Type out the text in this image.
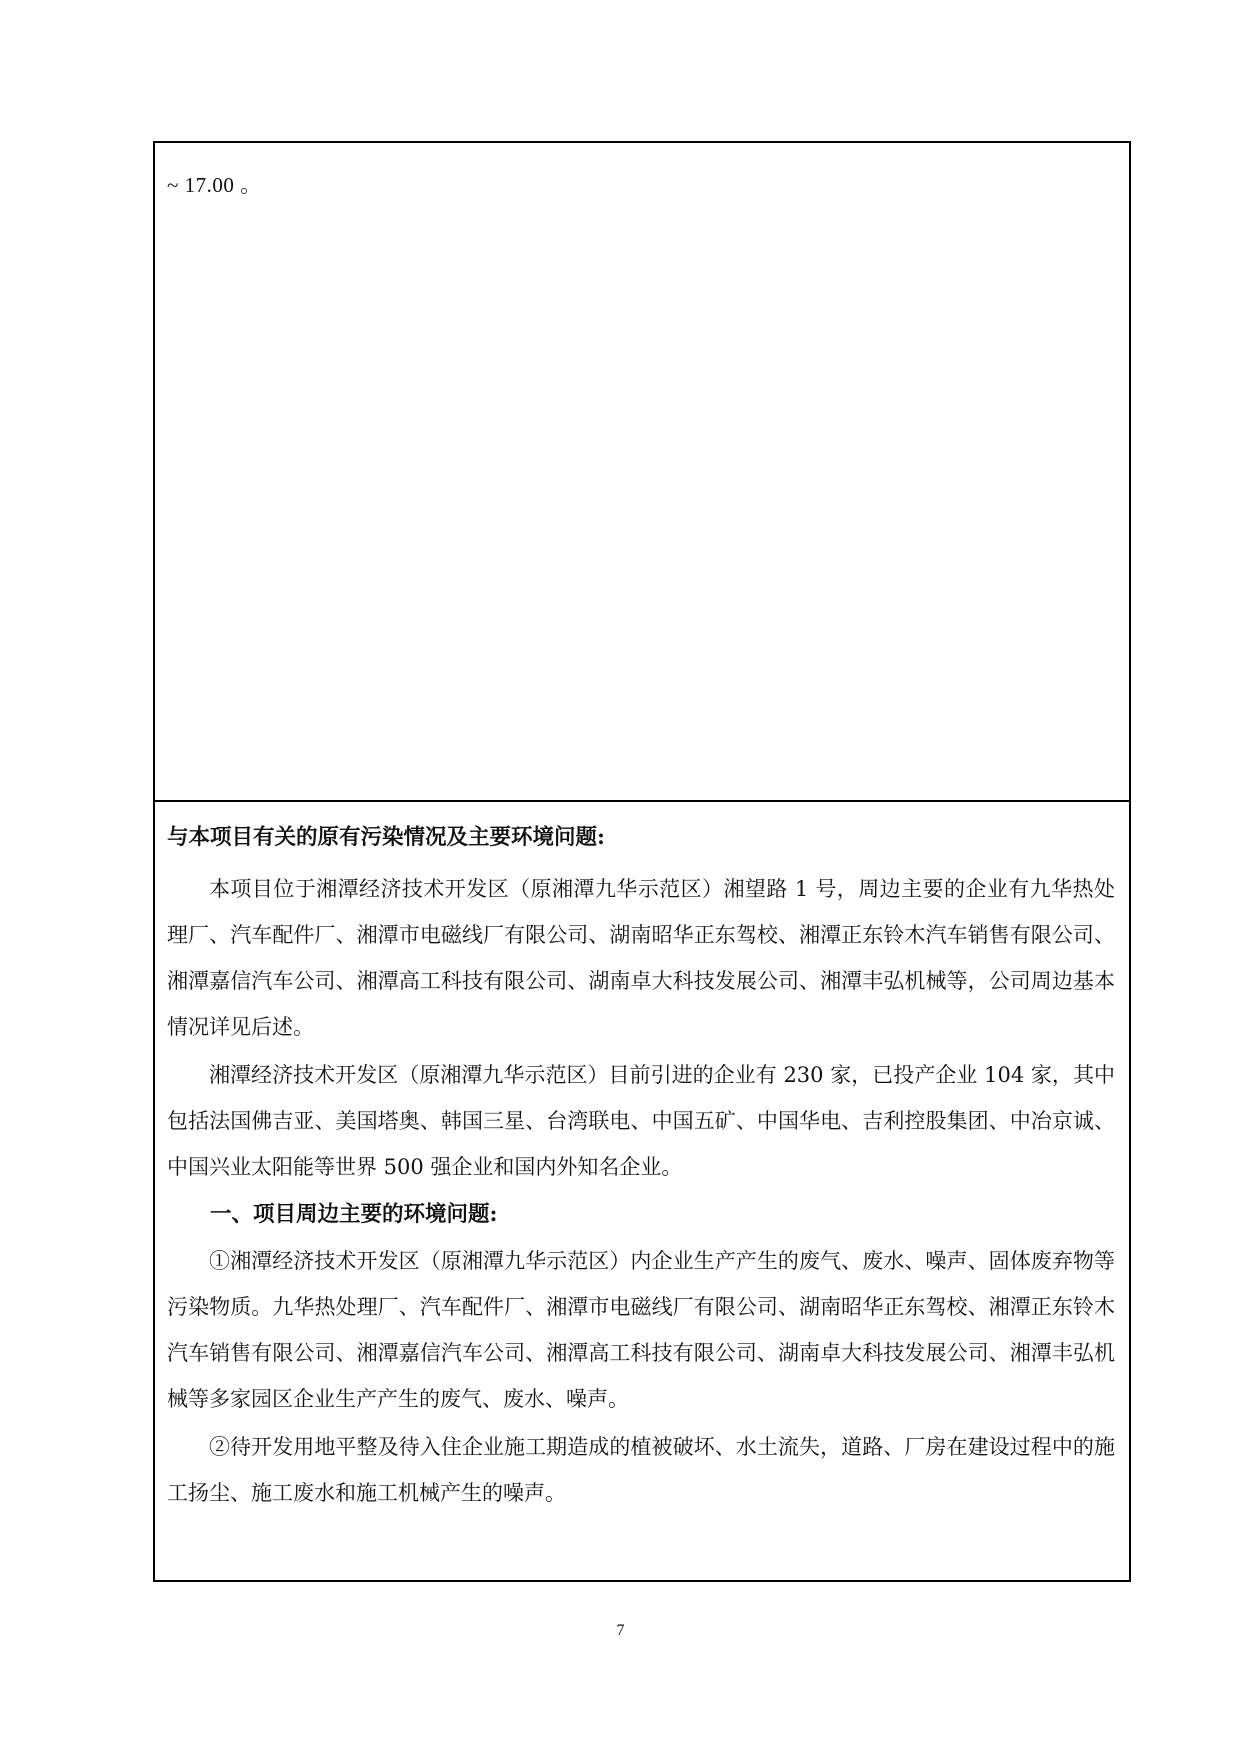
~ 17.00 。
与本项目有关的原有污染情况及主要环境问题:

本项目位于湘潭经济技术开发区（原湘潭九华示范区）湘望路 1 号，周边主要的企业有九华热处理厂、汽车配件厂、湘潭市电磁线厂有限公司、湖南昭华正东驾校、湘潭正东铃木汽车销售有限公司、湘潭嘉信汽车公司、湘潭高工科技有限公司、湖南卓大科技发展公司、湘潭丰弘机械等，公司周边基本情况详见后述。

湘潭经济技术开发区（原湘潭九华示范区）目前引进的企业有 230 家，已投产企业 104 家，其中包括法国佛吉亚、美国塔奥、韩国三星、台湾联电、中国五矿、中国华电、吉利控股集团、中冶京诚、中国兴业太阳能等世界 500 强企业和国内外知名企业。

一、项目周边主要的环境问题:

①湘潭经济技术开发区（原湘潭九华示范区）内企业生产产生的废气、废水、噪声、固体废弃物等污染物质。九华热处理厂、汽车配件厂、湘潭市电磁线厂有限公司、湖南昭华正东驾校、湘潭正东铃木汽车销售有限公司、湘潭嘉信汽车公司、湘潭高工科技有限公司、湖南卓大科技发展公司、湘潭丰弘机械等多家园区企业生产产生的废气、废水、噪声。

②待开发用地平整及待入住企业施工期造成的植被破坏、水土流失，道路、厂房在建设过程中的施工扬尘、施工废水和施工机械产生的噪声。

7
